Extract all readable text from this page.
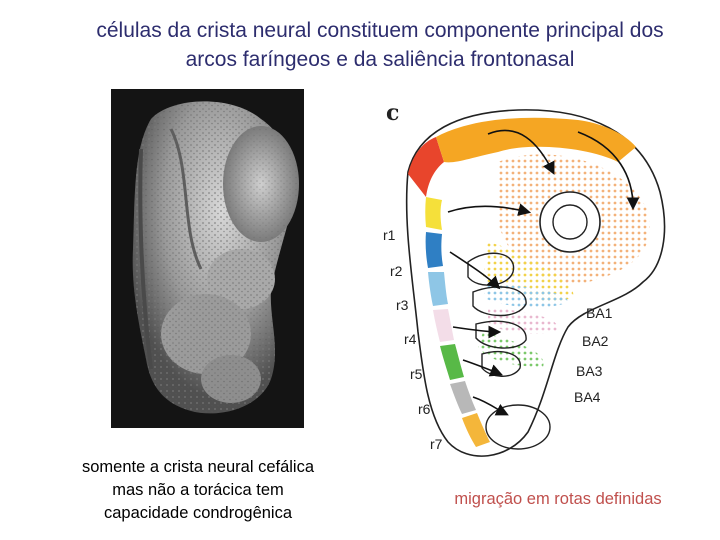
células da crista neural constituem componente principal dos
arcos faríngeos e da saliência frontonasal
somente a crista neural cefálica
mas não a torácica tem
capacidade condrogênica
c
r1
r2
r3
r4
r5
r6
r7
BA1
BA2
BA3
BA4
migração em rotas definidas
